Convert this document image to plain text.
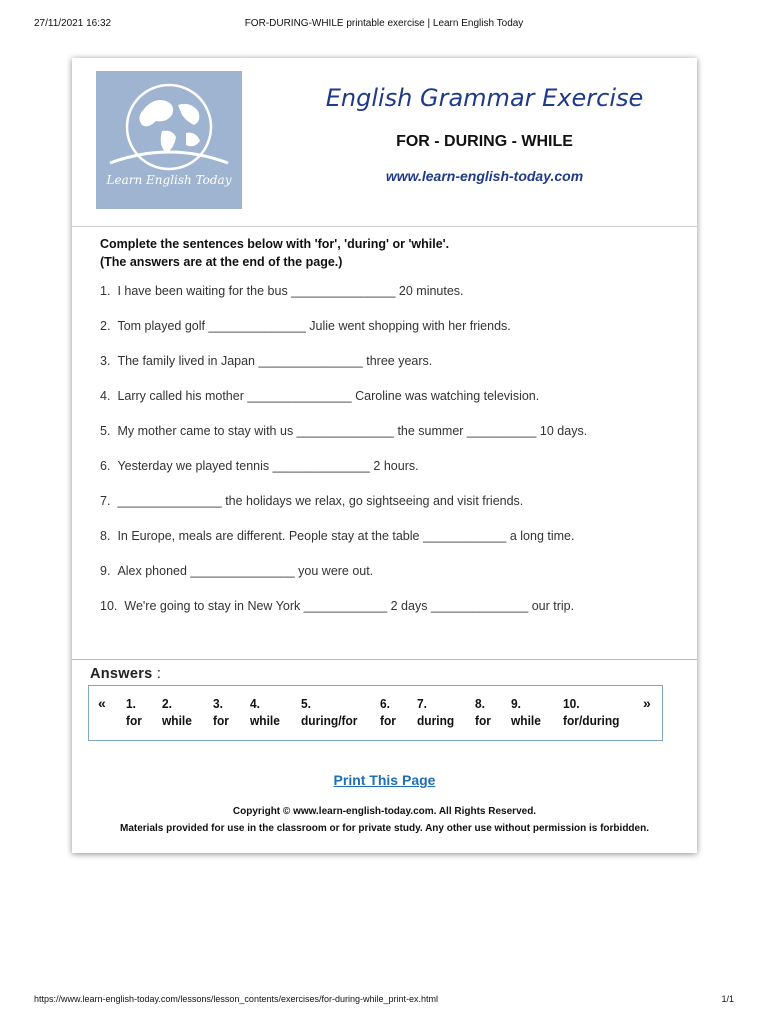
27/11/2021 16:32	FOR-DURING-WHILE printable exercise | Learn English Today
Learn English Today
English Grammar Exercise
FOR - DURING - WHILE
www.learn-english-today.com
Complete the sentences below with 'for', 'during' or 'while'.
(The answers are at the end of the page.)
1. I have been waiting for the bus _______________ 20 minutes.
2. Tom played golf ______________ Julie went shopping with her friends.
3. The family lived in Japan _______________ three years.
4. Larry called his mother _______________ Caroline was watching television.
5. My mother came to stay with us ______________ the summer __________ 10 days.
6. Yesterday we played tennis ______________ 2 hours.
7. _______________ the holidays we relax, go sightseeing and visit friends.
8. In Europe, meals are different. People stay at the table ____________ a long time.
9. Alex phoned _______________ you were out.
10. We're going to stay in New York ____________ 2 days ______________ our trip.
Answers :
« 1.
for
2.
while
3.
for
4.
while
5.
during/for
6.
for
7.
during
8.
for
9.
while
10.
for/during
»
Print This Page
Copyright © www.learn-english-today.com. All Rights Reserved.
Materials provided for use in the classroom or for private study. Any other use without permission is forbidden.
https://www.learn-english-today.com/lessons/lesson_contents/exercises/for-during-while_print-ex.html	1/1
